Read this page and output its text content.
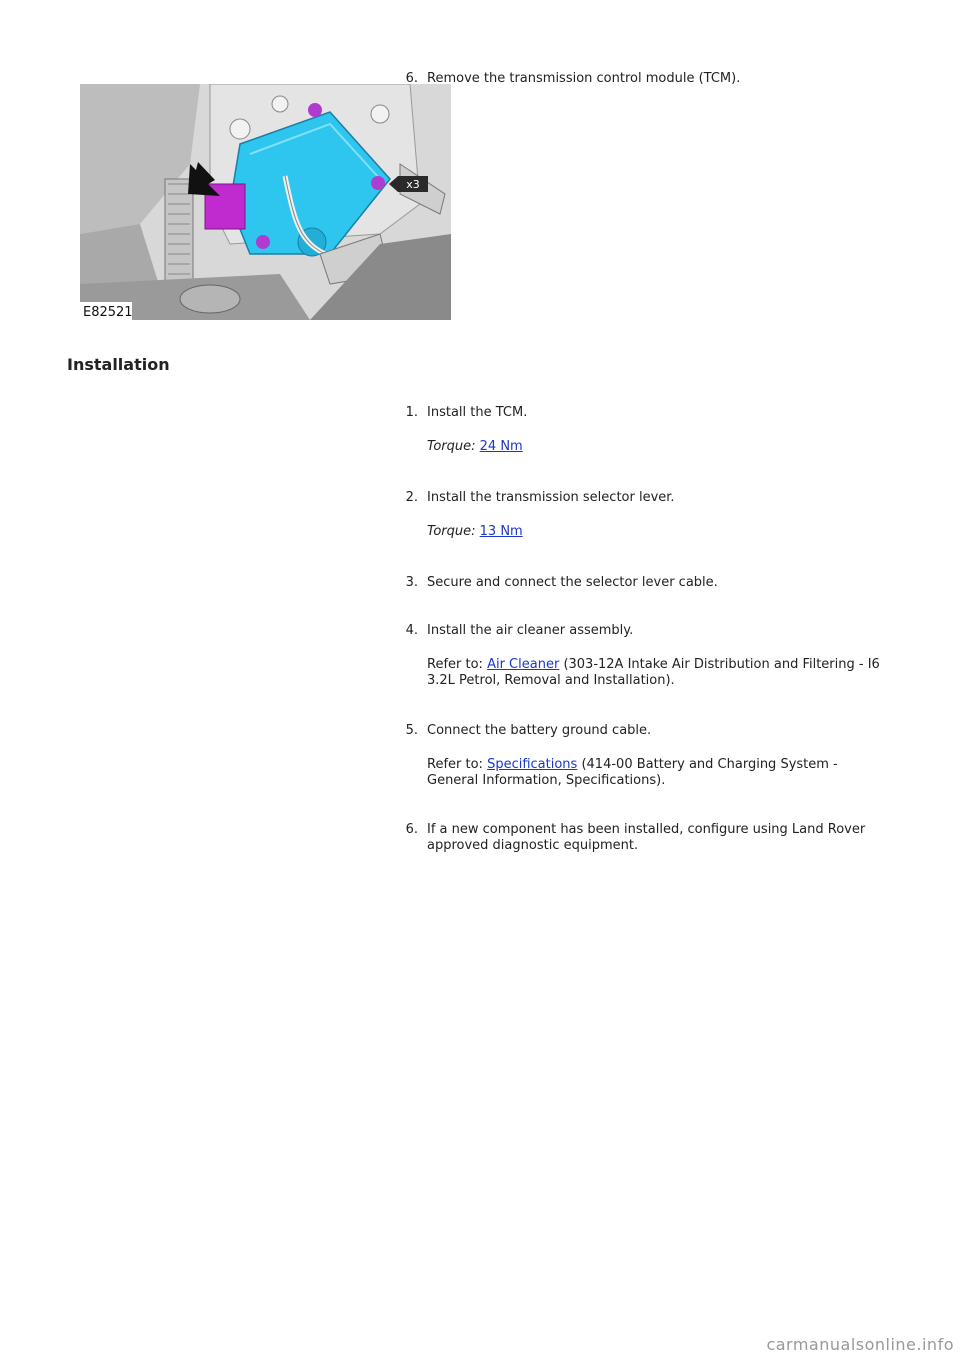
x3
E82521
6. Remove the transmission control module (TCM).
Installation
1. Install the TCM.
Torque: 24 Nm
2. Install the transmission selector lever.
Torque: 13 Nm
3. Secure and connect the selector lever cable.
4. Install the air cleaner assembly.
Refer to: Air Cleaner (303-12A Intake Air Distribution and Filtering - I6 3.2L Petrol, Removal and Installation).
5. Connect the battery ground cable.
Refer to: Specifications (414-00 Battery and Charging System - General Information, Specifications).
6. If a new component has been installed, configure using Land Rover approved diagnostic equipment.
carmanualsonline.info
